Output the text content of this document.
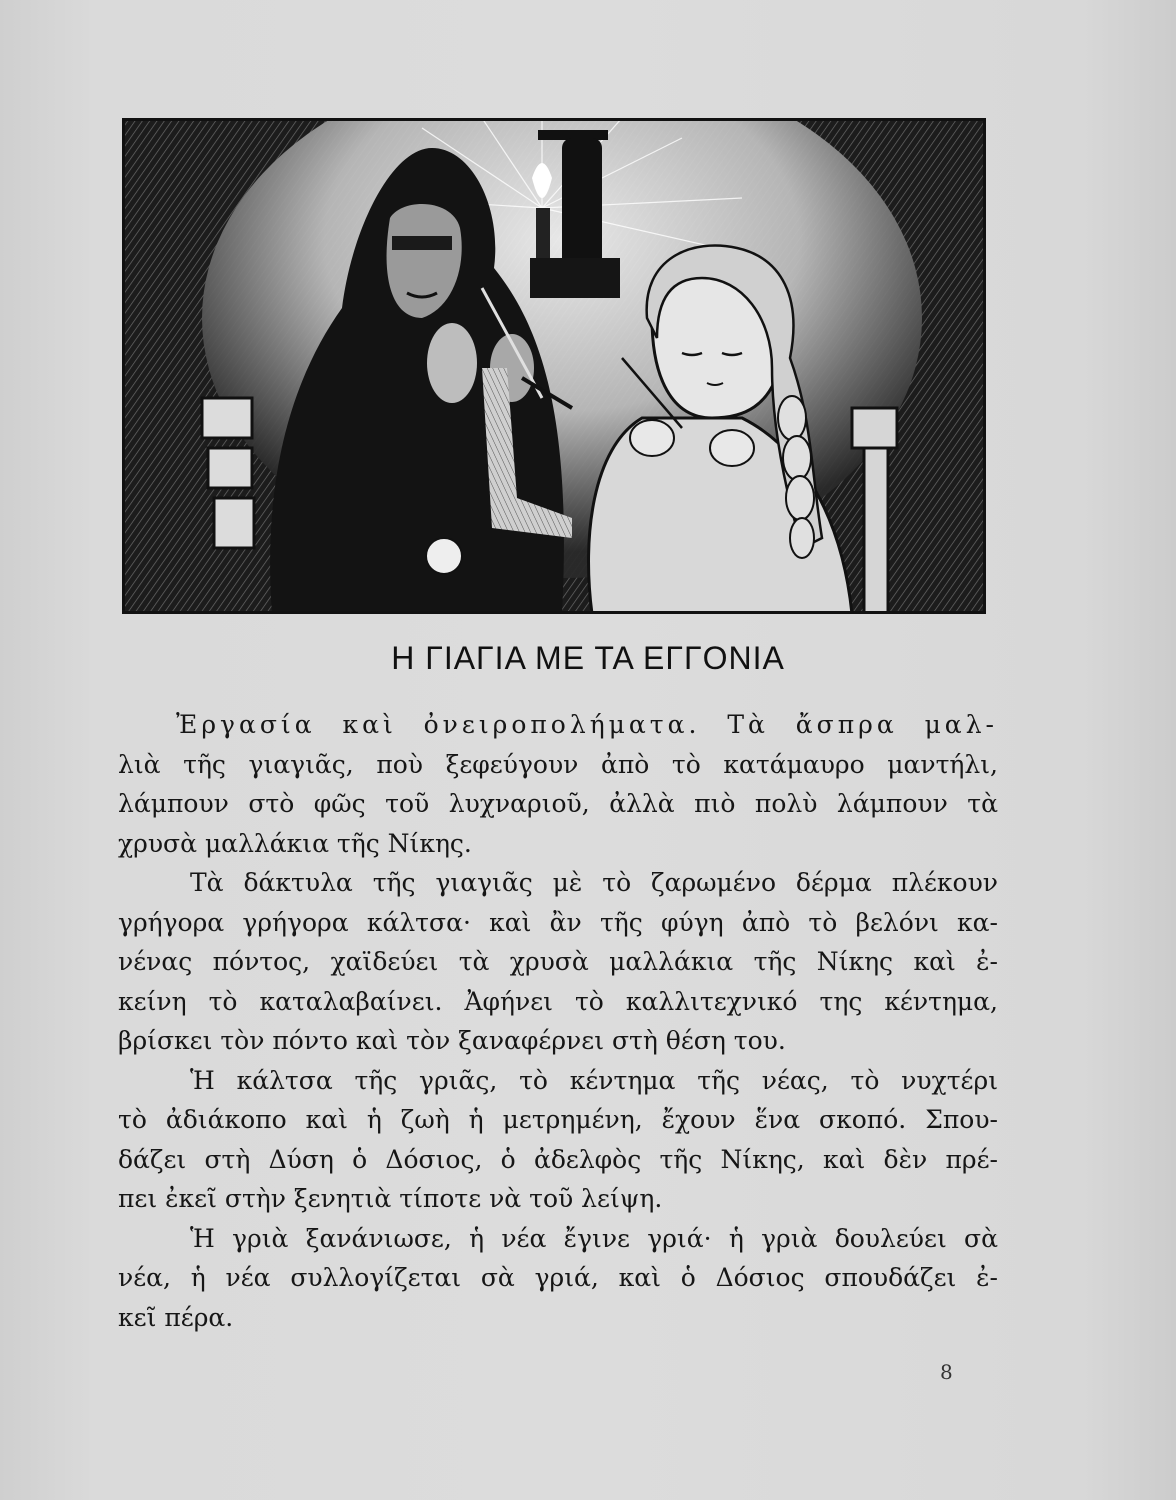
Η ΓΙΑΓΙΑ ΜΕ ΤΑ ΕΓΓΟΝΙΑ
Ἐργασία καὶ ὀνειροπολήματα. Τὰ ἄσπρα μαλ-
λιὰ τῆς γιαγιᾶς, ποὺ ξεφεύγουν ἀπὸ τὸ κατάμαυρο μαντήλι,
λάμπουν στὸ φῶς τοῦ λυχναριοῦ, ἀλλὰ πιὸ πολὺ λάμπουν τὰ
χρυσὰ μαλλάκια τῆς Νίκης.
Τὰ δάκτυλα τῆς γιαγιᾶς μὲ τὸ ζαρωμένο δέρμα πλέκουν
γρήγορα γρήγορα κάλτσα· καὶ ἂν τῆς φύγη ἀπὸ τὸ βελόνι κα-
νένας πόντος, χαϊδεύει τὰ χρυσὰ μαλλάκια τῆς Νίκης καὶ ἐ-
κείνη τὸ καταλαβαίνει. Ἀφήνει τὸ καλλιτεχνικό της κέντημα,
βρίσκει τὸν πόντο καὶ τὸν ξαναφέρνει στὴ θέση του.
Ἡ κάλτσα τῆς γριᾶς, τὸ κέντημα τῆς νέας, τὸ νυχτέρι
τὸ ἀδιάκοπο καὶ ἡ ζωὴ ἡ μετρημένη, ἔχουν ἕνα σκοπό. Σπου-
δάζει στὴ Δύση ὁ Δόσιος, ὁ ἀδελφὸς τῆς Νίκης, καὶ δὲν πρέ-
πει ἐκεῖ στὴν ξενητιὰ τίποτε νὰ τοῦ λείψη.
Ἡ γριὰ ξανάνιωσε, ἡ νέα ἔγινε γριά· ἡ γριὰ δουλεύει σὰ
νέα, ἡ νέα συλλογίζεται σὰ γριά, καὶ ὁ Δόσιος σπουδάζει ἐ-
κεῖ πέρα.
8
